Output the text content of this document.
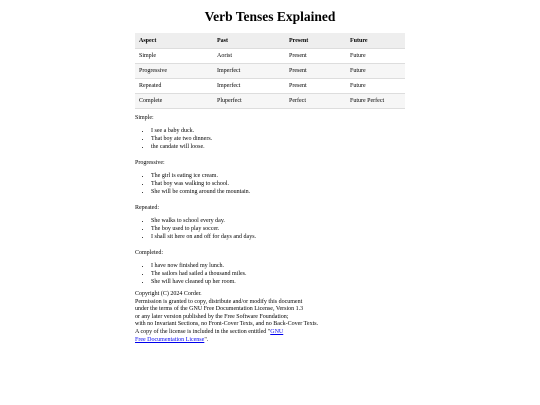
Verb Tenses Explained
Aspect	Past	Present	Future
Simple	Aorist	Present	Future
Progressive	Imperfect	Present	Future
Repeated	Imperfect	Present	Future
Complete	Pluperfect	Perfect	Future Perfect

Simple:

• I see a baby duck.
• That boy ate two dinners.
• the candate will loose.

Progressive:

• The girl is eating ice cream.
• That boy was walking to school.
• She will be coming around the mountain.

Repeated:

• She walks to school every day.
• The boy used to play soccer.
• I shall sit here on and off for days and days.

Completed:

• I have now finished my lunch.
• The sailors had sailed a thousand miles.
• She will have cleaned up her room.

Copyright (C) 2024 Corder.

Permission is granted to copy, distribute and/or modify this document

under the terms of the GNU Free Documentation License, Version 1.3

or any later version published by the Free Software Foundation;

with no Invariant Sections, no Front-Cover Texts, and no Back-Cover Texts.

A copy of the license is included in the section entitled "GNU

Free Documentation License".
